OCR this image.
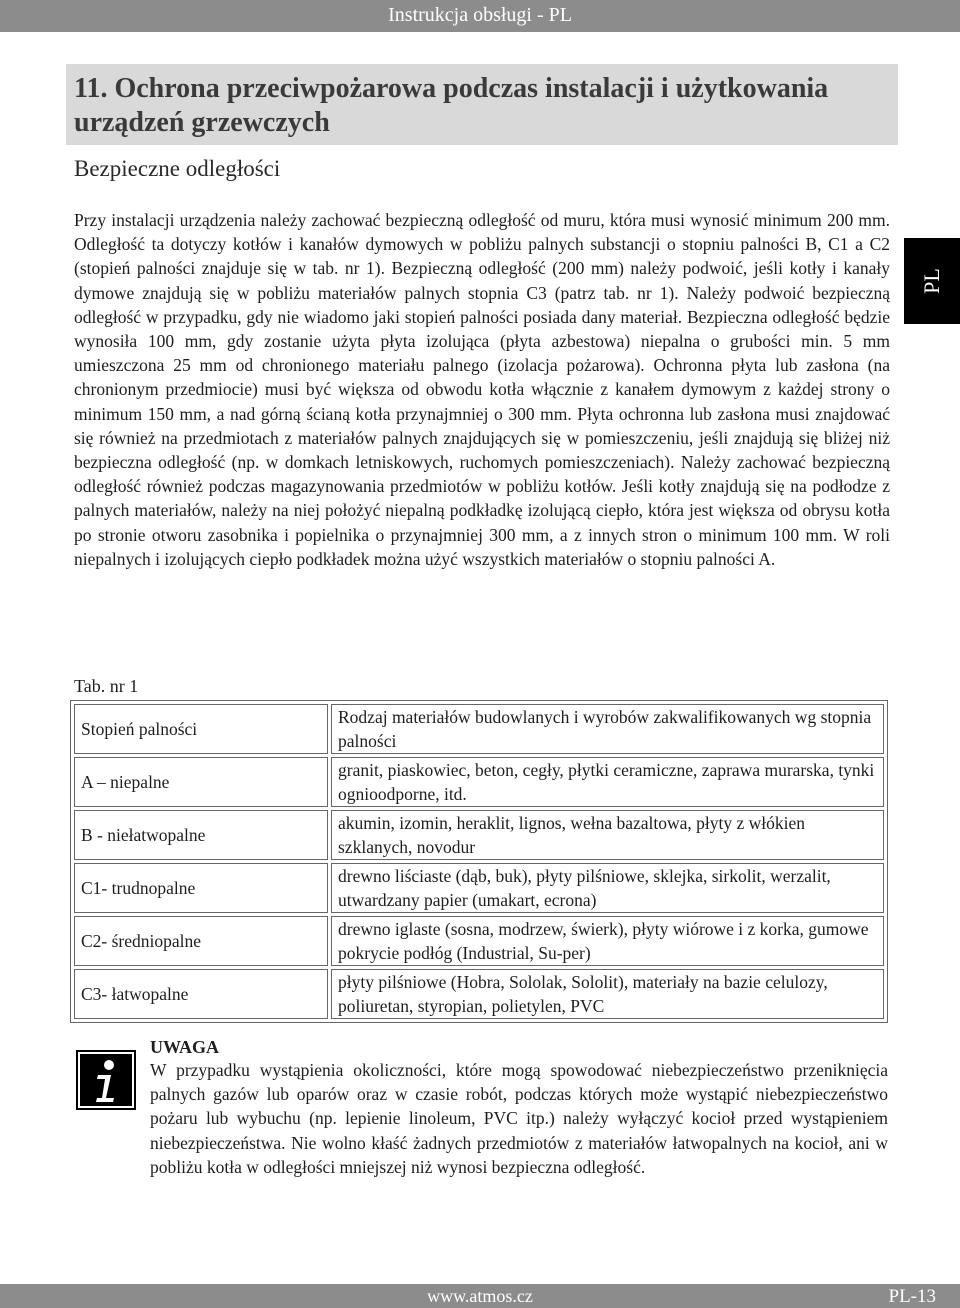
Instrukcja obsługi - PL
11. Ochrona przeciwpożarowa podczas instalacji i użytkowania urządzeń grzewczych
Bezpieczne odległości

Przy instalacji urządzenia należy zachować bezpieczną odległość od muru, która musi wynosić minimum 200 mm. Odległość ta dotyczy kotłów i kanałów dymowych w pobliżu palnych substancji o stopniu palności B, C1 a C2 (stopień palności znajduje się w tab. nr 1). Bezpieczną odległość (200 mm) należy podwoić, jeśli kotły i kanały dymowe znajdują się w pobliżu materiałów palnych stopnia C3 (patrz tab. nr 1). Należy podwoić bezpieczną odległość w przypadku, gdy nie wiadomo jaki stopień palności posiada dany materiał. Bezpieczna odległość będzie wynosiła 100 mm, gdy zostanie użyta płyta izolująca (płyta azbestowa) niepalna o grubości min. 5 mm umieszczona 25 mm od chronionego materiału palnego (izolacja pożarowa). Ochronna płyta lub zasłona (na chronionym przedmiocie) musi być większa od obwodu kotła włącznie z kanałem dymowym z każdej strony o minimum 150 mm, a nad górną ścianą kotła przynajmniej o 300 mm. Płyta ochronna lub zasłona musi znajdować się również na przedmiotach z materiałów palnych znajdujących się w pomieszczeniu, jeśli znajdują się bliżej niż bezpieczna odległość (np. w domkach letniskowych, ruchomych pomieszczeniach). Należy zachować bezpieczną odległość również podczas magazynowania przedmiotów w pobliżu kotłów. Jeśli kotły znajdują się na podłodze z palnych materiałów, należy na niej położyć niepalną podkładkę izolującą ciepło, która jest większa od obrysu kotła po stronie otworu zasobnika i popielnika o przynajmniej 300 mm, a z innych stron o minimum 100 mm. W roli niepalnych i izolujących ciepło podkładek można użyć wszystkich materiałów o stopniu palności A.

PL
Tab. nr 1
Stopień palności	Rodzaj materiałów budowlanych i wyrobów zakwalifikowanych wg stopnia palności
A – niepalne	granit, piaskowiec, beton, cegły, płytki ceramiczne, zaprawa murarska, tynki ognioodporne, itd.
B - niełatwopalne	akumin, izomin, heraklit, lignos, wełna bazaltowa, płyty z włókien szklanych, novodur
C1- trudnopalne	drewno liściaste (dąb, buk), płyty pilśniowe, sklejka, sirkolit, werzalit, utwardzany papier (umakart, ecrona)
C2- średniopalne	drewno iglaste (sosna, modrzew, świerk), płyty wiórowe i z korka, gumowe pokrycie podłóg (Industrial, Su-per)
C3- łatwopalne	płyty pilśniowe (Hobra, Sololak, Sololit), materiały na bazie celulozy, poliuretan, styropian, polietylen, PVC
UWAGA

W przypadku wystąpienia okoliczności, które mogą spowodować niebezpieczeństwo przeniknięcia palnych gazów lub oparów oraz w czasie robót, podczas których może wystąpić niebezpieczeństwo pożaru lub wybuchu (np. lepienie linoleum, PVC itp.) należy wyłączyć kocioł przed wystąpieniem niebezpieczeństwa. Nie wolno kłaść żadnych przedmiotów z materiałów łatwopalnych na kocioł, ani w pobliżu kotła w odległości mniejszej niż wynosi bezpieczna odległość.

www.atmos.cz	PL-13
